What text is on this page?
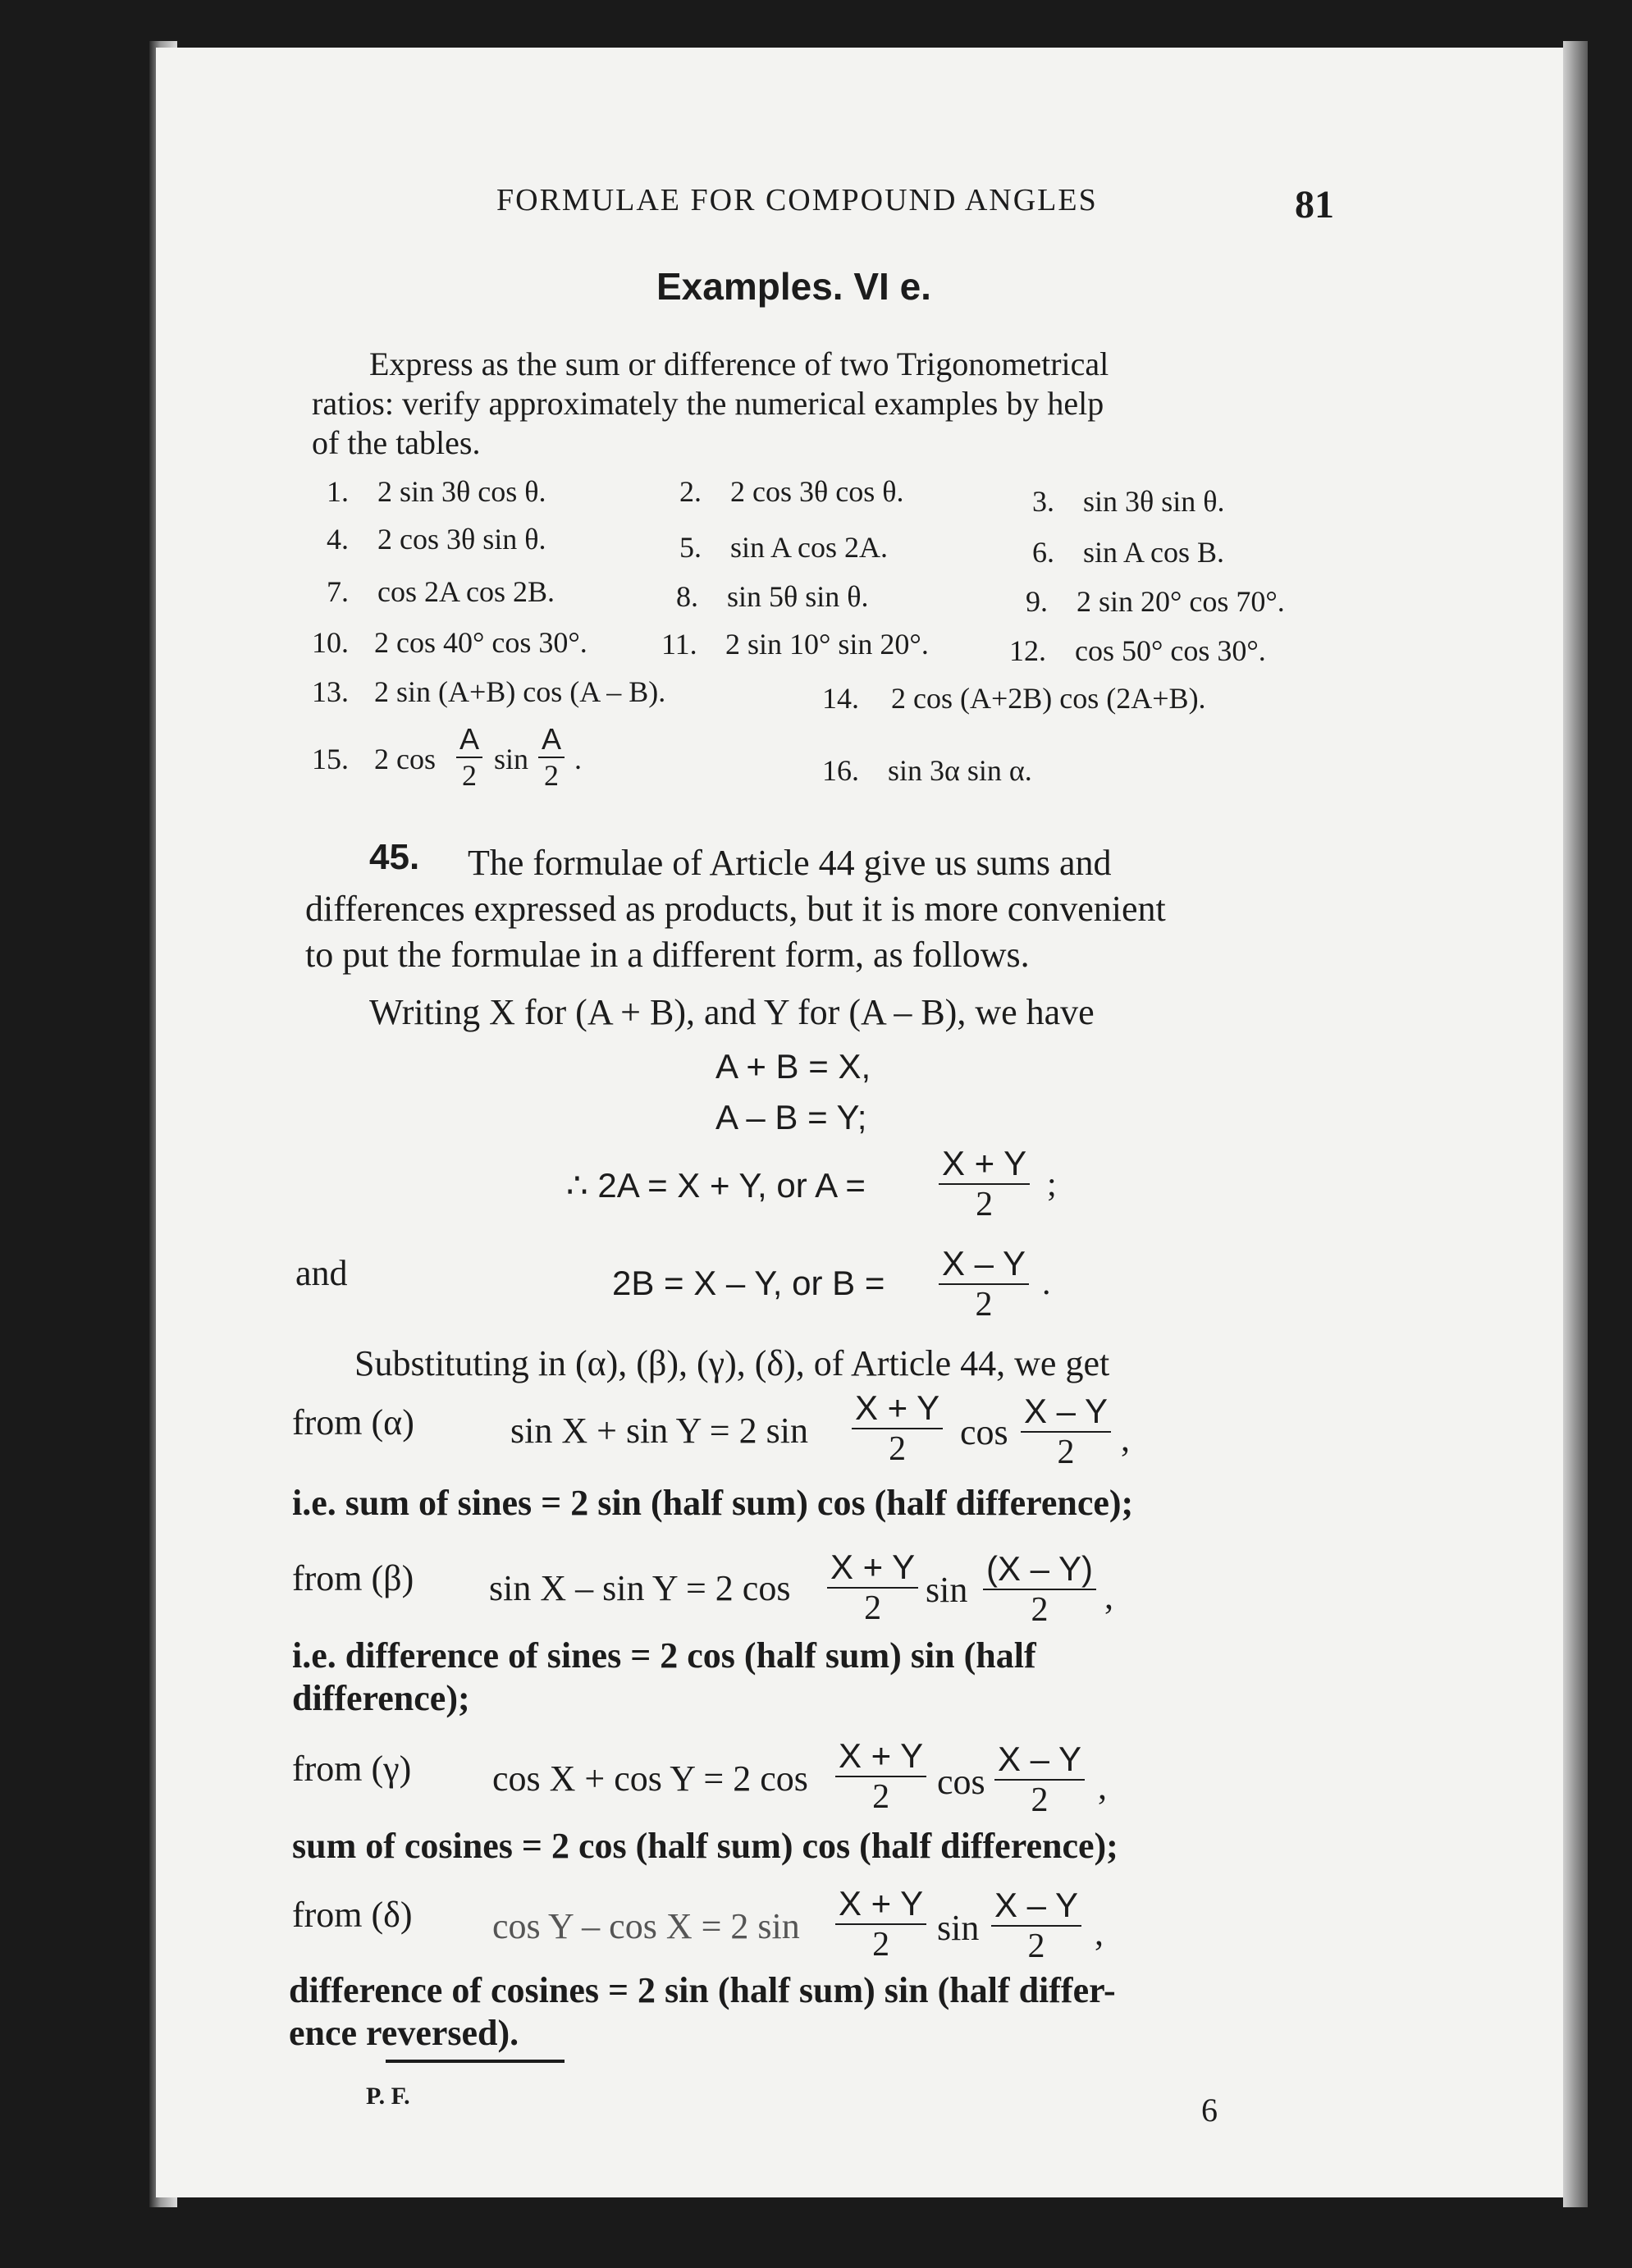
FORMULAE FOR COMPOUND ANGLES	81
Examples. VI e.
Express as the sum or difference of two Trigonometrical
ratios: verify approximately the numerical examples by help
of the tables.
1. 2 sin 3θ cos θ.	2. 2 cos 3θ cos θ.	3. sin 3θ sin θ.
4. 2 cos 3θ sin θ.	5. sin A cos 2A.	6. sin A cos B.
7. cos 2A cos 2B.	8. sin 5θ sin θ.	9. 2 sin 20° cos 70°.
10. 2 cos 40° cos 30°.	11. 2 sin 10° sin 20°.	12. cos 50° cos 30°.
13. 2 sin (A+B) cos (A – B).	14. 2 cos (A+2B) cos (2A+B).
15. 2 $\cos \frac{A}{2}$ $\sin \frac{A}{2}$ .	16. sin 3α sin α.
45. The formulae of Article 44 give us sums and
differences expressed as products, but it is more convenient
to put the formulae in a different form, as follows.
Writing X for (A + B), and Y for (A – B), we have
A + B = X,
A – B = Y;
∴ 2A = X + Y, or $A = \frac{X + Y}{2}$ ;
and	2B = X – Y, or $B = \frac{X - Y}{2}$ .
Substituting in (α), (β), (γ), (δ), of Article 44, we get
from (α)	sin X + sin Y = 2 $\sin \frac{X + Y}{2}$ $\cos \frac{X - Y}{2}$ ,
i.e. sum of sines = 2 sin (half sum) cos (half difference);
from (β) sin X – sin Y = 2 $\cos \frac{X + Y}{2}$ $\sin \frac{(X - Y)}{2}$ ,
i.e. difference of sines = 2 cos (half sum) sin (half
difference);
from (γ) cos X + cos Y = 2 $\cos \frac{X + Y}{2}$ $\cos \frac{X - Y}{2}$ ,
sum of cosines = 2 cos (half sum) cos (half difference);
from (δ) cos Y – cos X = 2 $\sin \frac{X + Y}{2}$ $\sin \frac{X - Y}{2}$ ,
difference of cosines = 2 sin (half sum) sin (half differ-
ence reversed).
P. F.	6
